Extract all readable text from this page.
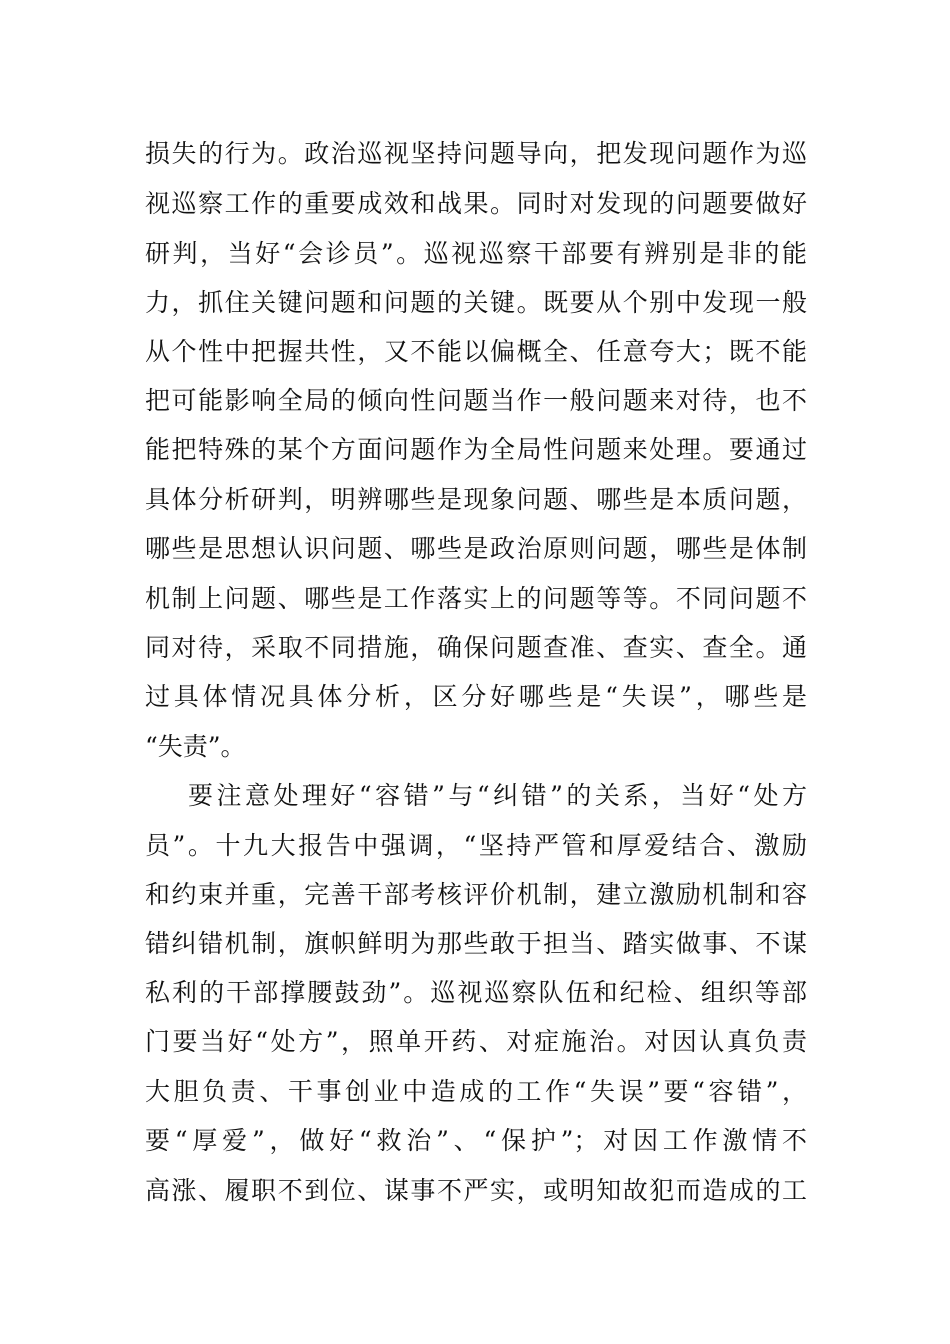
损失的行为。政治巡视坚持问题导向，把发现问题作为巡
视巡察工作的重要成效和战果。同时对发现的问题要做好
研判，当好“会诊员”。巡视巡察干部要有辨别是非的能
力，抓住关键问题和问题的关键。既要从个别中发现一般
从个性中把握共性，又不能以偏概全、任意夸大；既不能
把可能影响全局的倾向性问题当作一般问题来对待，也不
能把特殊的某个方面问题作为全局性问题来处理。要通过
具体分析研判，明辨哪些是现象问题、哪些是本质问题，
哪些是思想认识问题、哪些是政治原则问题，哪些是体制
机制上问题、哪些是工作落实上的问题等等。不同问题不
同对待，采取不同措施，确保问题查准、查实、查全。通
过具体情况具体分析，区分好哪些是“失误”，哪些是
“失责”。
要注意处理好“容错”与“纠错”的关系，当好“处方
员”。十九大报告中强调，“坚持严管和厚爱结合、激励
和约束并重，完善干部考核评价机制，建立激励机制和容
错纠错机制，旗帜鲜明为那些敢于担当、踏实做事、不谋
私利的干部撑腰鼓劲”。巡视巡察队伍和纪检、组织等部
门要当好“处方”，照单开药、对症施治。对因认真负责
大胆负责、干事创业中造成的工作“失误”要“容错”，
要“厚爱”，做好“救治”、“保护”；对因工作激情不
高涨、履职不到位、谋事不严实，或明知故犯而造成的工
